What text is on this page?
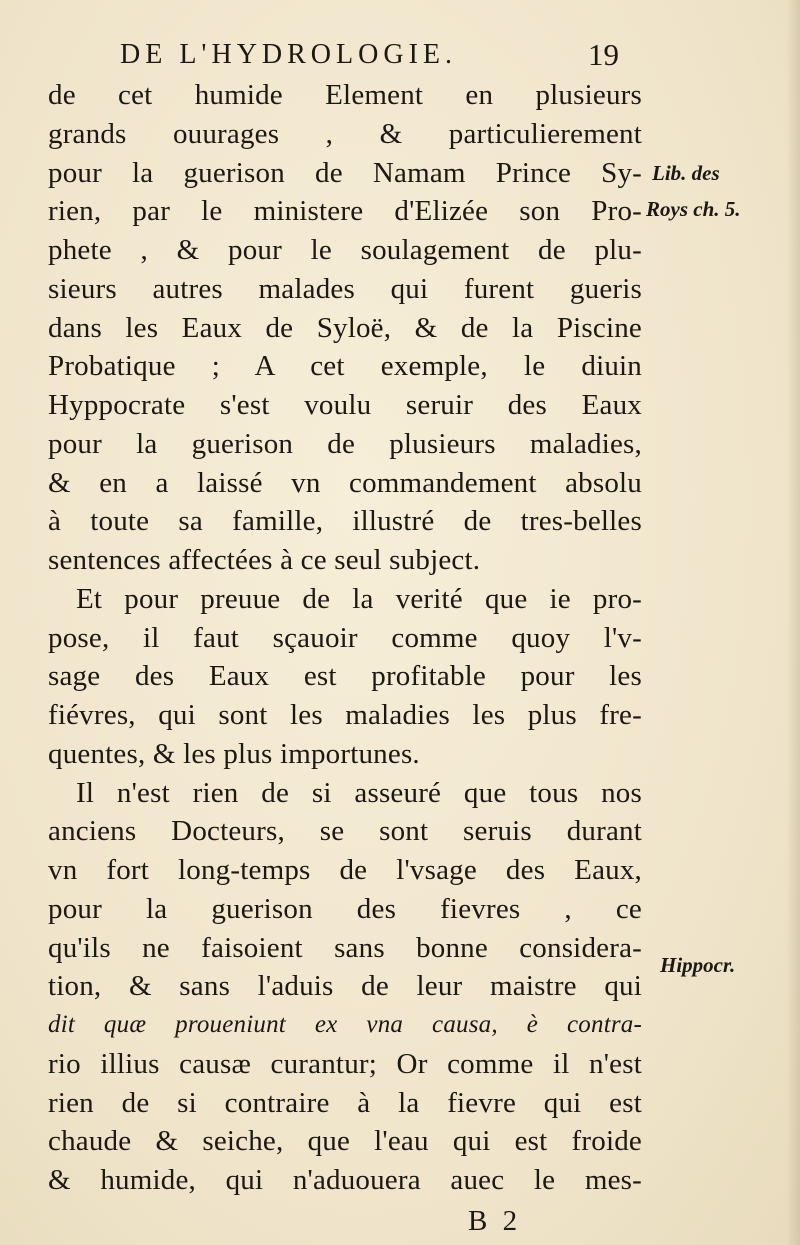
DE L'HYDROLOGIE.	19
de cet humide Element en plusieurs
grands ouurages , & particulierement
pour la guerison de Namam Prince Sy-
rien, par le ministere d'Elizée son Pro-
phete , & pour le soulagement de plu-
sieurs autres malades qui furent gueris
dans les Eaux de Syloë, & de la Piscine
Probatique ; A cet exemple, le diuin
Hyppocrate s'est voulu seruir des Eaux
pour la guerison de plusieurs maladies,
& en a laissé vn commandement absolu
à toute sa famille, illustré de tres-belles
sentences affectées à ce seul subject.
Et pour preuue de la verité que ie pro-
pose, il faut sçauoir comme quoy l'v-
sage des Eaux est profitable pour les
fiévres, qui sont les maladies les plus fre-
quentes, & les plus importunes.
Il n'est rien de si asseuré que tous nos
anciens Docteurs, se sont seruis durant
vn fort long-temps de l'vsage des Eaux,
pour la guerison des fievres , ce
qu'ils ne faisoient sans bonne considera-
tion, & sans l'aduis de leur maistre qui
dit quæ proueniunt ex vna causa, è contra-
rio illius causæ curantur; Or comme il n'est
rien de si contraire à la fievre qui est
chaude & seiche, que l'eau qui est froide
& humide, qui n'aduouera auec le mes-
Lib. des
Roys ch. 5.
Hippocr.
B 2
